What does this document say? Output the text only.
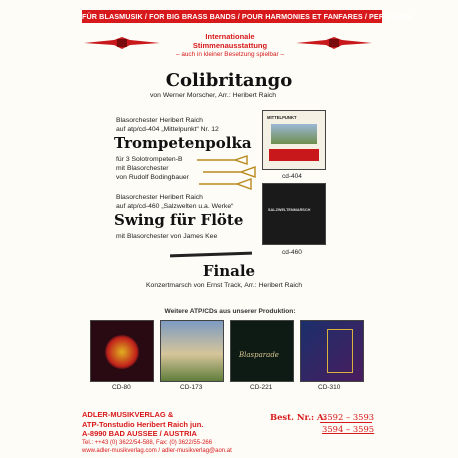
FÜR BLASMUSIK / FOR BIG BRASS BANDS / POUR HARMONIES ET FANFARES / PER BANDA
Internationale
Stimmenausstattung
– auch in kleiner Besetzung spielbar –
Colibritango
von Werner Morscher, Arr.: Heribert Raich
Blasorchester Heribert Raich
auf atp/cd-404 „Mittelpunkt“ Nr. 12
Trompetenpolka
für 3 Solotrompeten-B
mit Blasorchester
von Rudolf Bodingbauer
Blasorchester Heribert Raich
auf atp/cd-460 „Salzwelten u.a. Werke“
Swing für Flöte
mit Blasorchester von James Kee
MITTELPUNKT
cd-404
SALZWELTENMARSCH
cd-460
Finale
Konzertmarsch von Ernst Track, Arr.: Heribert Raich
Weitere ATP/CDs aus unserer Produktion:
CD-80	CD-173
Blasparade
CD-221	CD-310
ADLER-MUSIKVERLAG &
ATP-Tonstudio Heribert Raich jun.
A-8990 BAD AUSSEE / AUSTRIA
Tel.: ++43 (0) 3622/54-588, Fax: (0) 3622/55-266
www.adler-musikverlag.com / adler-musikverlag@aon.at
Best. Nr.: A:
3592 – 3593
3594 – 3595
